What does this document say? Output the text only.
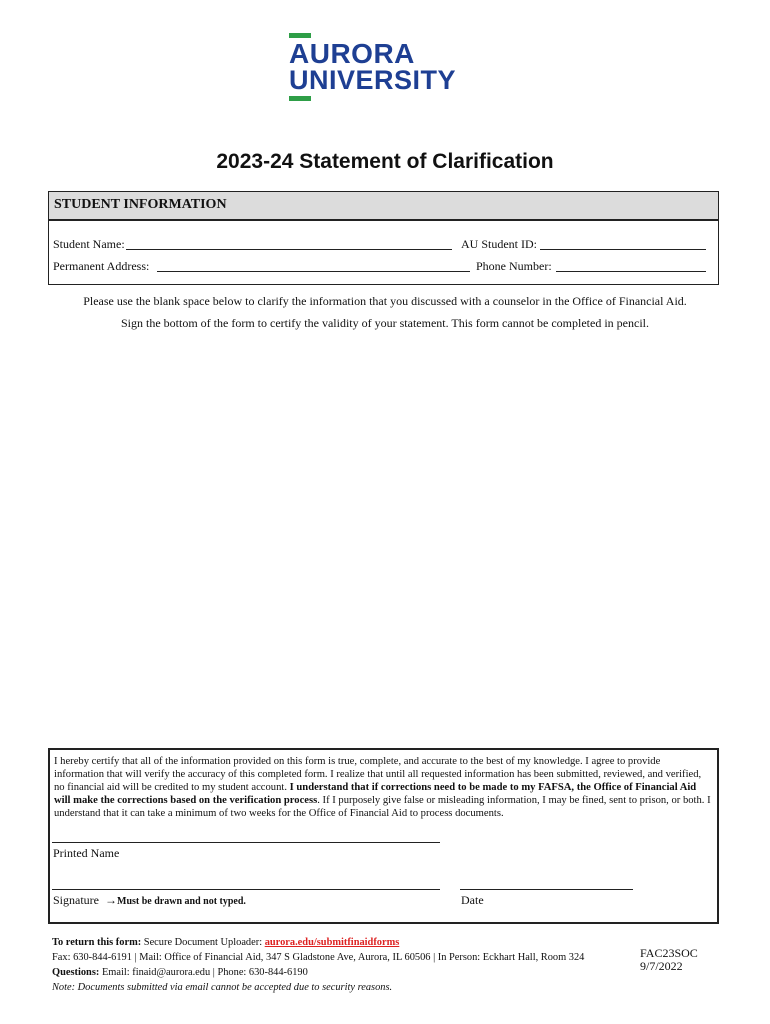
AURORA
UNIVERSITY
2023-24 Statement of Clarification
STUDENT INFORMATION
Student Name:	AU Student ID:
Permanent Address:	Phone Number:
Please use the blank space below to clarify the information that you discussed with a counselor in the Office of Financial Aid.
Sign the bottom of the form to certify the validity of your statement. This form cannot be completed in pencil.
I hereby certify that all of the information provided on this form is true, complete, and accurate to the best of my knowledge. I agree to provide information that will verify the accuracy of this completed form. I realize that until all requested information has been submitted, reviewed, and verified, no financial aid will be credited to my student account. I understand that if corrections need to be made to my FAFSA, the Office of Financial Aid will make the corrections based on the verification process. If I purposely give false or misleading information, I may be fined, sent to prison, or both. I understand that it can take a minimum of two weeks for the Office of Financial Aid to process documents.
Printed Name
Signature →Must be drawn and not typed.	Date
To return this form: Secure Document Uploader: aurora.edu/submitfinaidforms
Fax: 630-844-6191 | Mail: Office of Financial Aid, 347 S Gladstone Ave, Aurora, IL 60506 | In Person: Eckhart Hall, Room 324
Questions: Email: finaid@aurora.edu | Phone: 630-844-6190
Note: Documents submitted via email cannot be accepted due to security reasons.
FAC23SOC
9/7/2022
